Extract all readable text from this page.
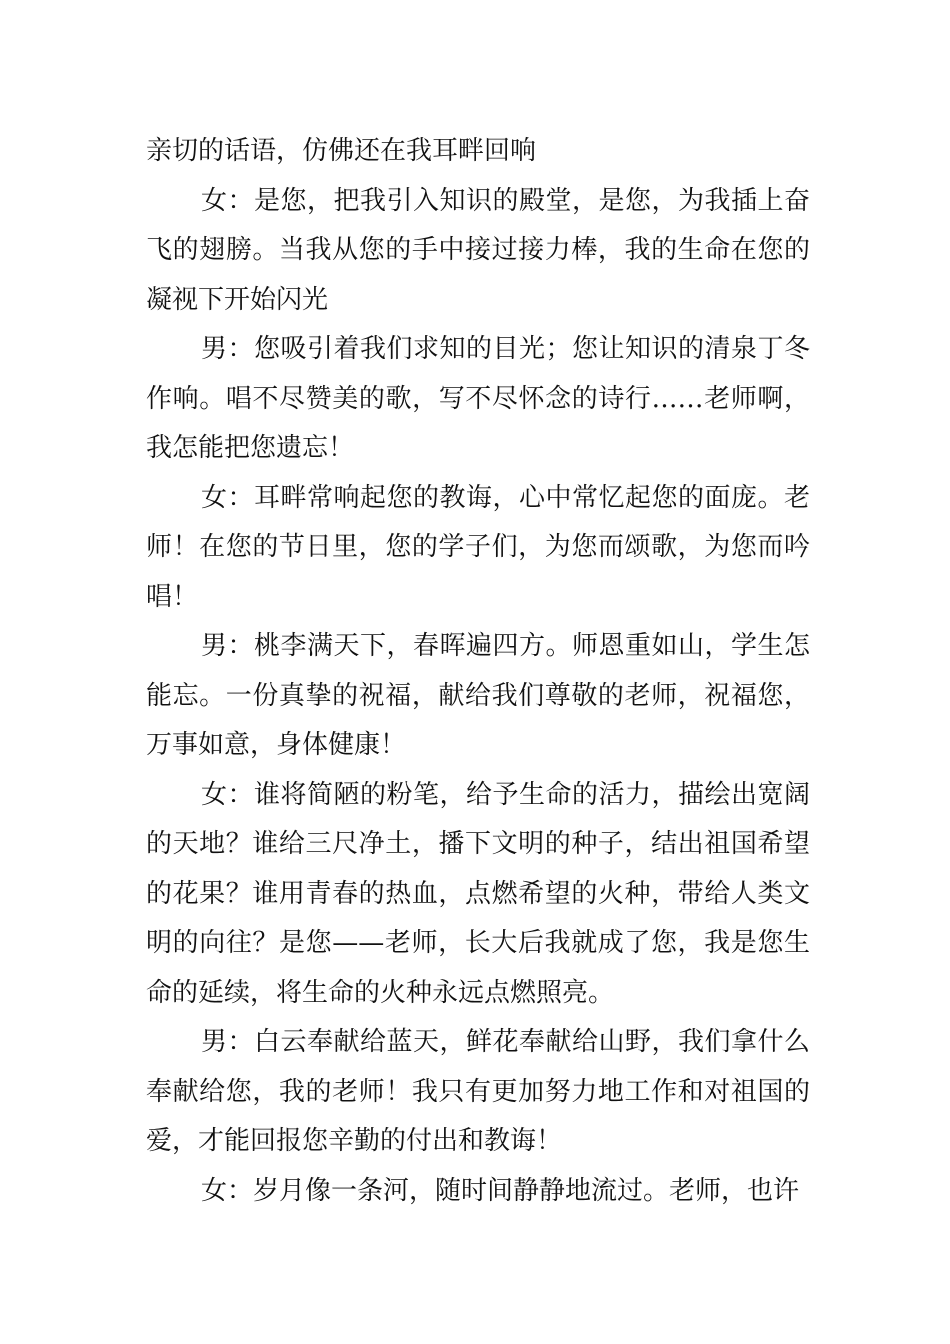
亲切的话语，仿佛还在我耳畔回响

女：是您，把我引入知识的殿堂，是您，为我插上奋飞的翅膀。当我从您的手中接过接力棒，我的生命在您的凝视下开始闪光

男：您吸引着我们求知的目光；您让知识的清泉丁冬作响。唱不尽赞美的歌，写不尽怀念的诗行……老师啊，我怎能把您遗忘！

女：耳畔常响起您的教诲，心中常忆起您的面庞。老师！在您的节日里，您的学子们，为您而颂歌，为您而吟唱！

男：桃李满天下，春晖遍四方。师恩重如山，学生怎能忘。一份真挚的祝福，献给我们尊敬的老师，祝福您，万事如意，身体健康！

女：谁将简陋的粉笔，给予生命的活力，描绘出宽阔的天地？谁给三尺净土，播下文明的种子，结出祖国希望的花果？谁用青春的热血，点燃希望的火种，带给人类文明的向往？是您——老师，长大后我就成了您，我是您生命的延续，将生命的火种永远点燃照亮。

男：白云奉献给蓝天，鲜花奉献给山野，我们拿什么奉献给您，我的老师！我只有更加努力地工作和对祖国的爱，才能回报您辛勤的付出和教诲！

女：岁月像一条河，随时间静静地流过。老师，也许
